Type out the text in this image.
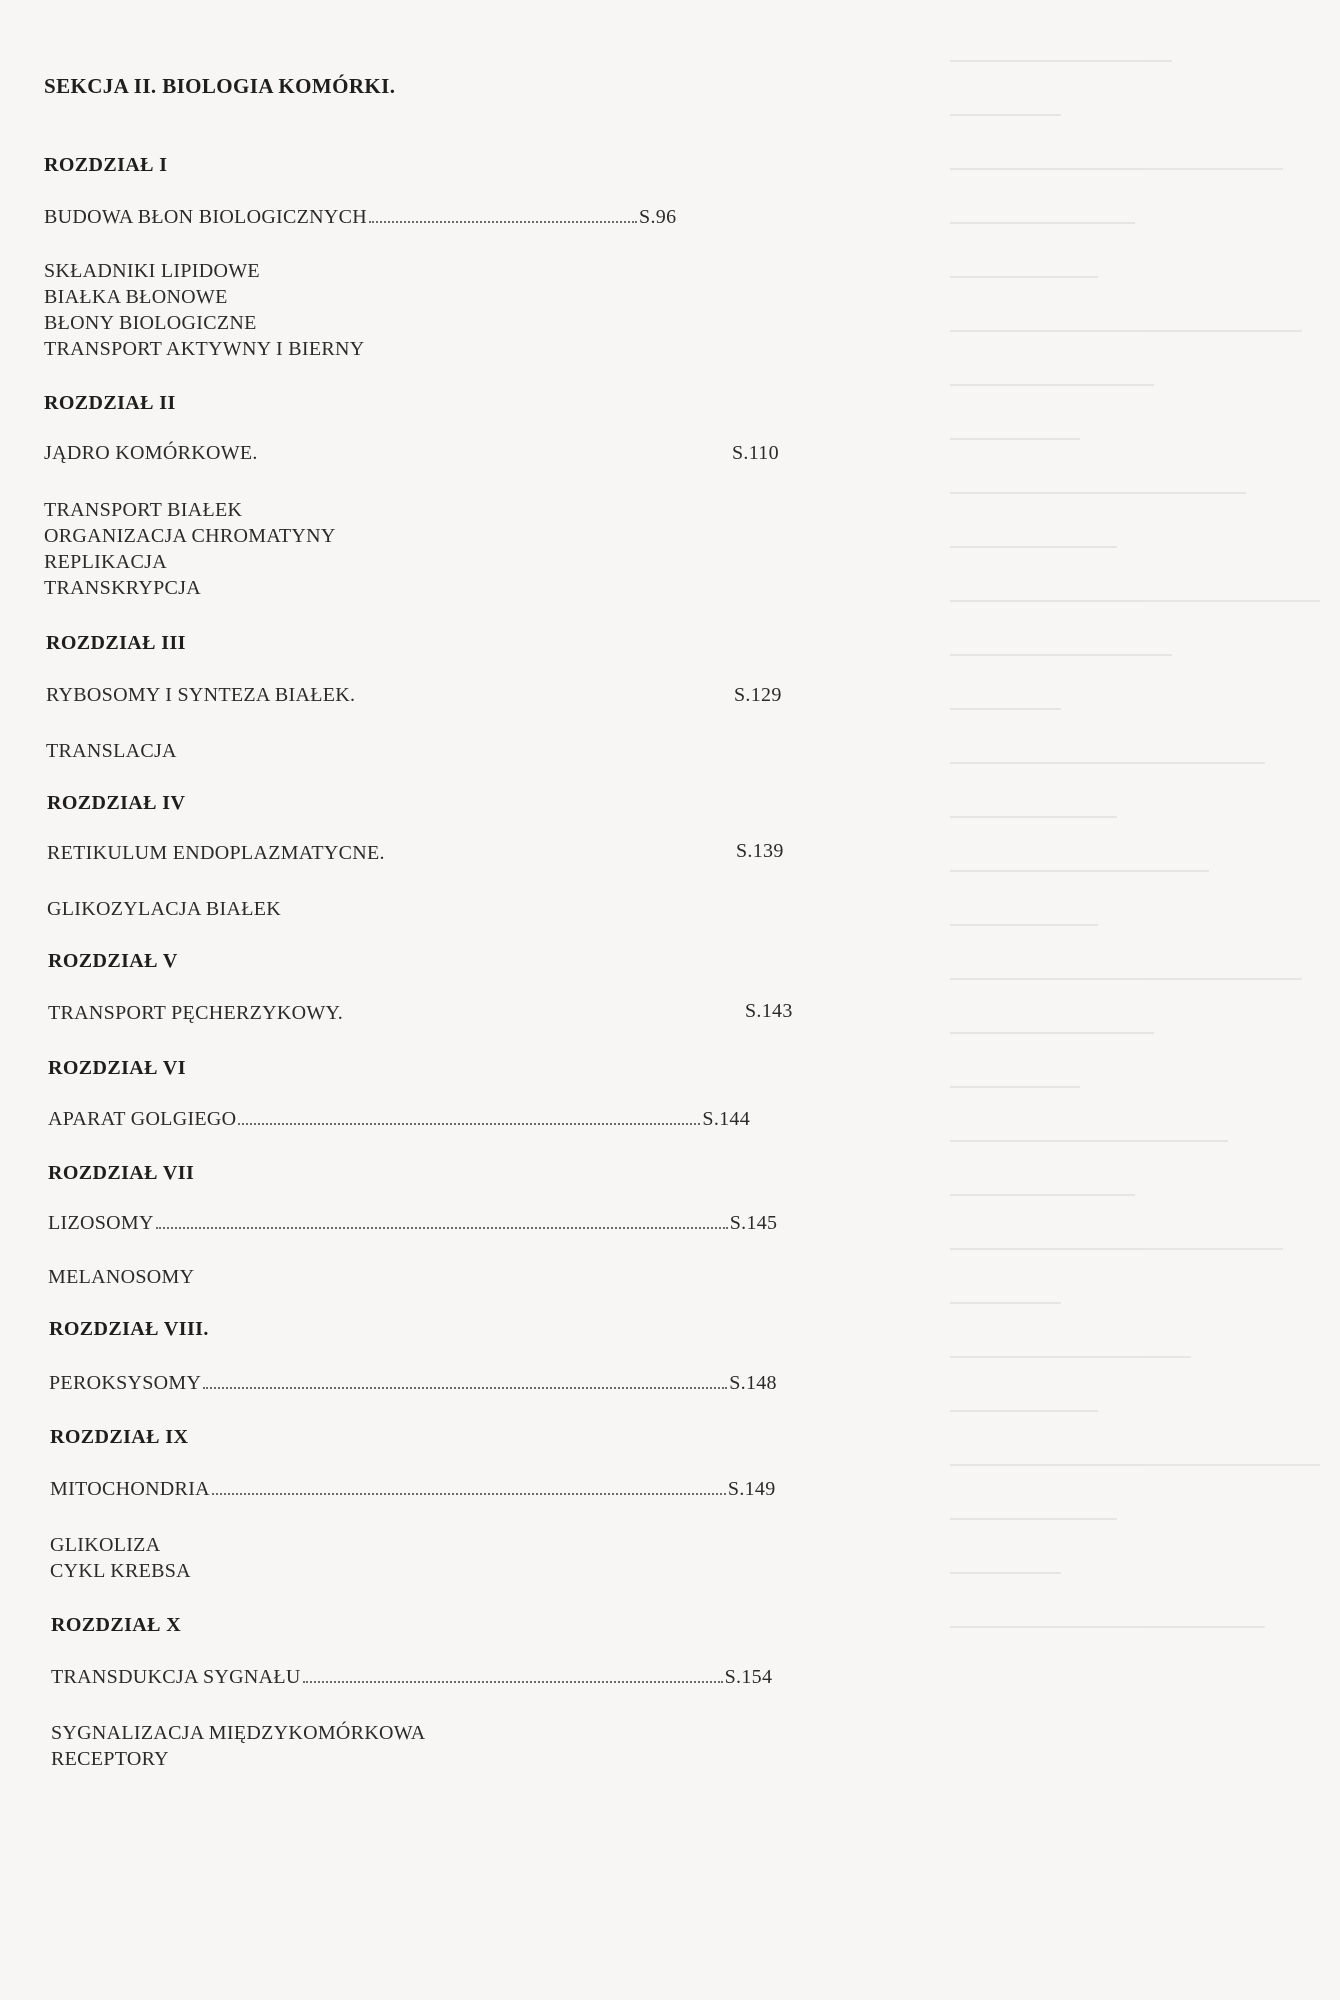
SEKCJA II. BIOLOGIA KOMÓRKI.
ROZDZIAŁ I
BUDOWA BŁON BIOLOGICZNYCH	S.96
SKŁADNIKI LIPIDOWE
BIAŁKA BŁONOWE
BŁONY BIOLOGICZNE
TRANSPORT AKTYWNY I BIERNY
ROZDZIAŁ II
JĄDRO KOMÓRKOWE.	S.110
TRANSPORT BIAŁEK
ORGANIZACJA CHROMATYNY
REPLIKACJA
TRANSKRYPCJA
ROZDZIAŁ III
RYBOSOMY I SYNTEZA BIAŁEK.	S.129
TRANSLACJA
ROZDZIAŁ IV
RETIKULUM ENDOPLAZMATYCNE.	S.139
GLIKOZYLACJA BIAŁEK
ROZDZIAŁ V
TRANSPORT PĘCHERZYKOWY.	S.143
ROZDZIAŁ VI
APARAT GOLGIEGO	S.144
ROZDZIAŁ VII
LIZOSOMY	S.145
MELANOSOMY
ROZDZIAŁ VIII.
PEROKSYSOMY	S.148
ROZDZIAŁ IX
MITOCHONDRIA	S.149
GLIKOLIZA
CYKL KREBSA
ROZDZIAŁ X
TRANSDUKCJA SYGNAŁU	S.154
SYGNALIZACJA MIĘDZYKOMÓRKOWA
RECEPTORY
